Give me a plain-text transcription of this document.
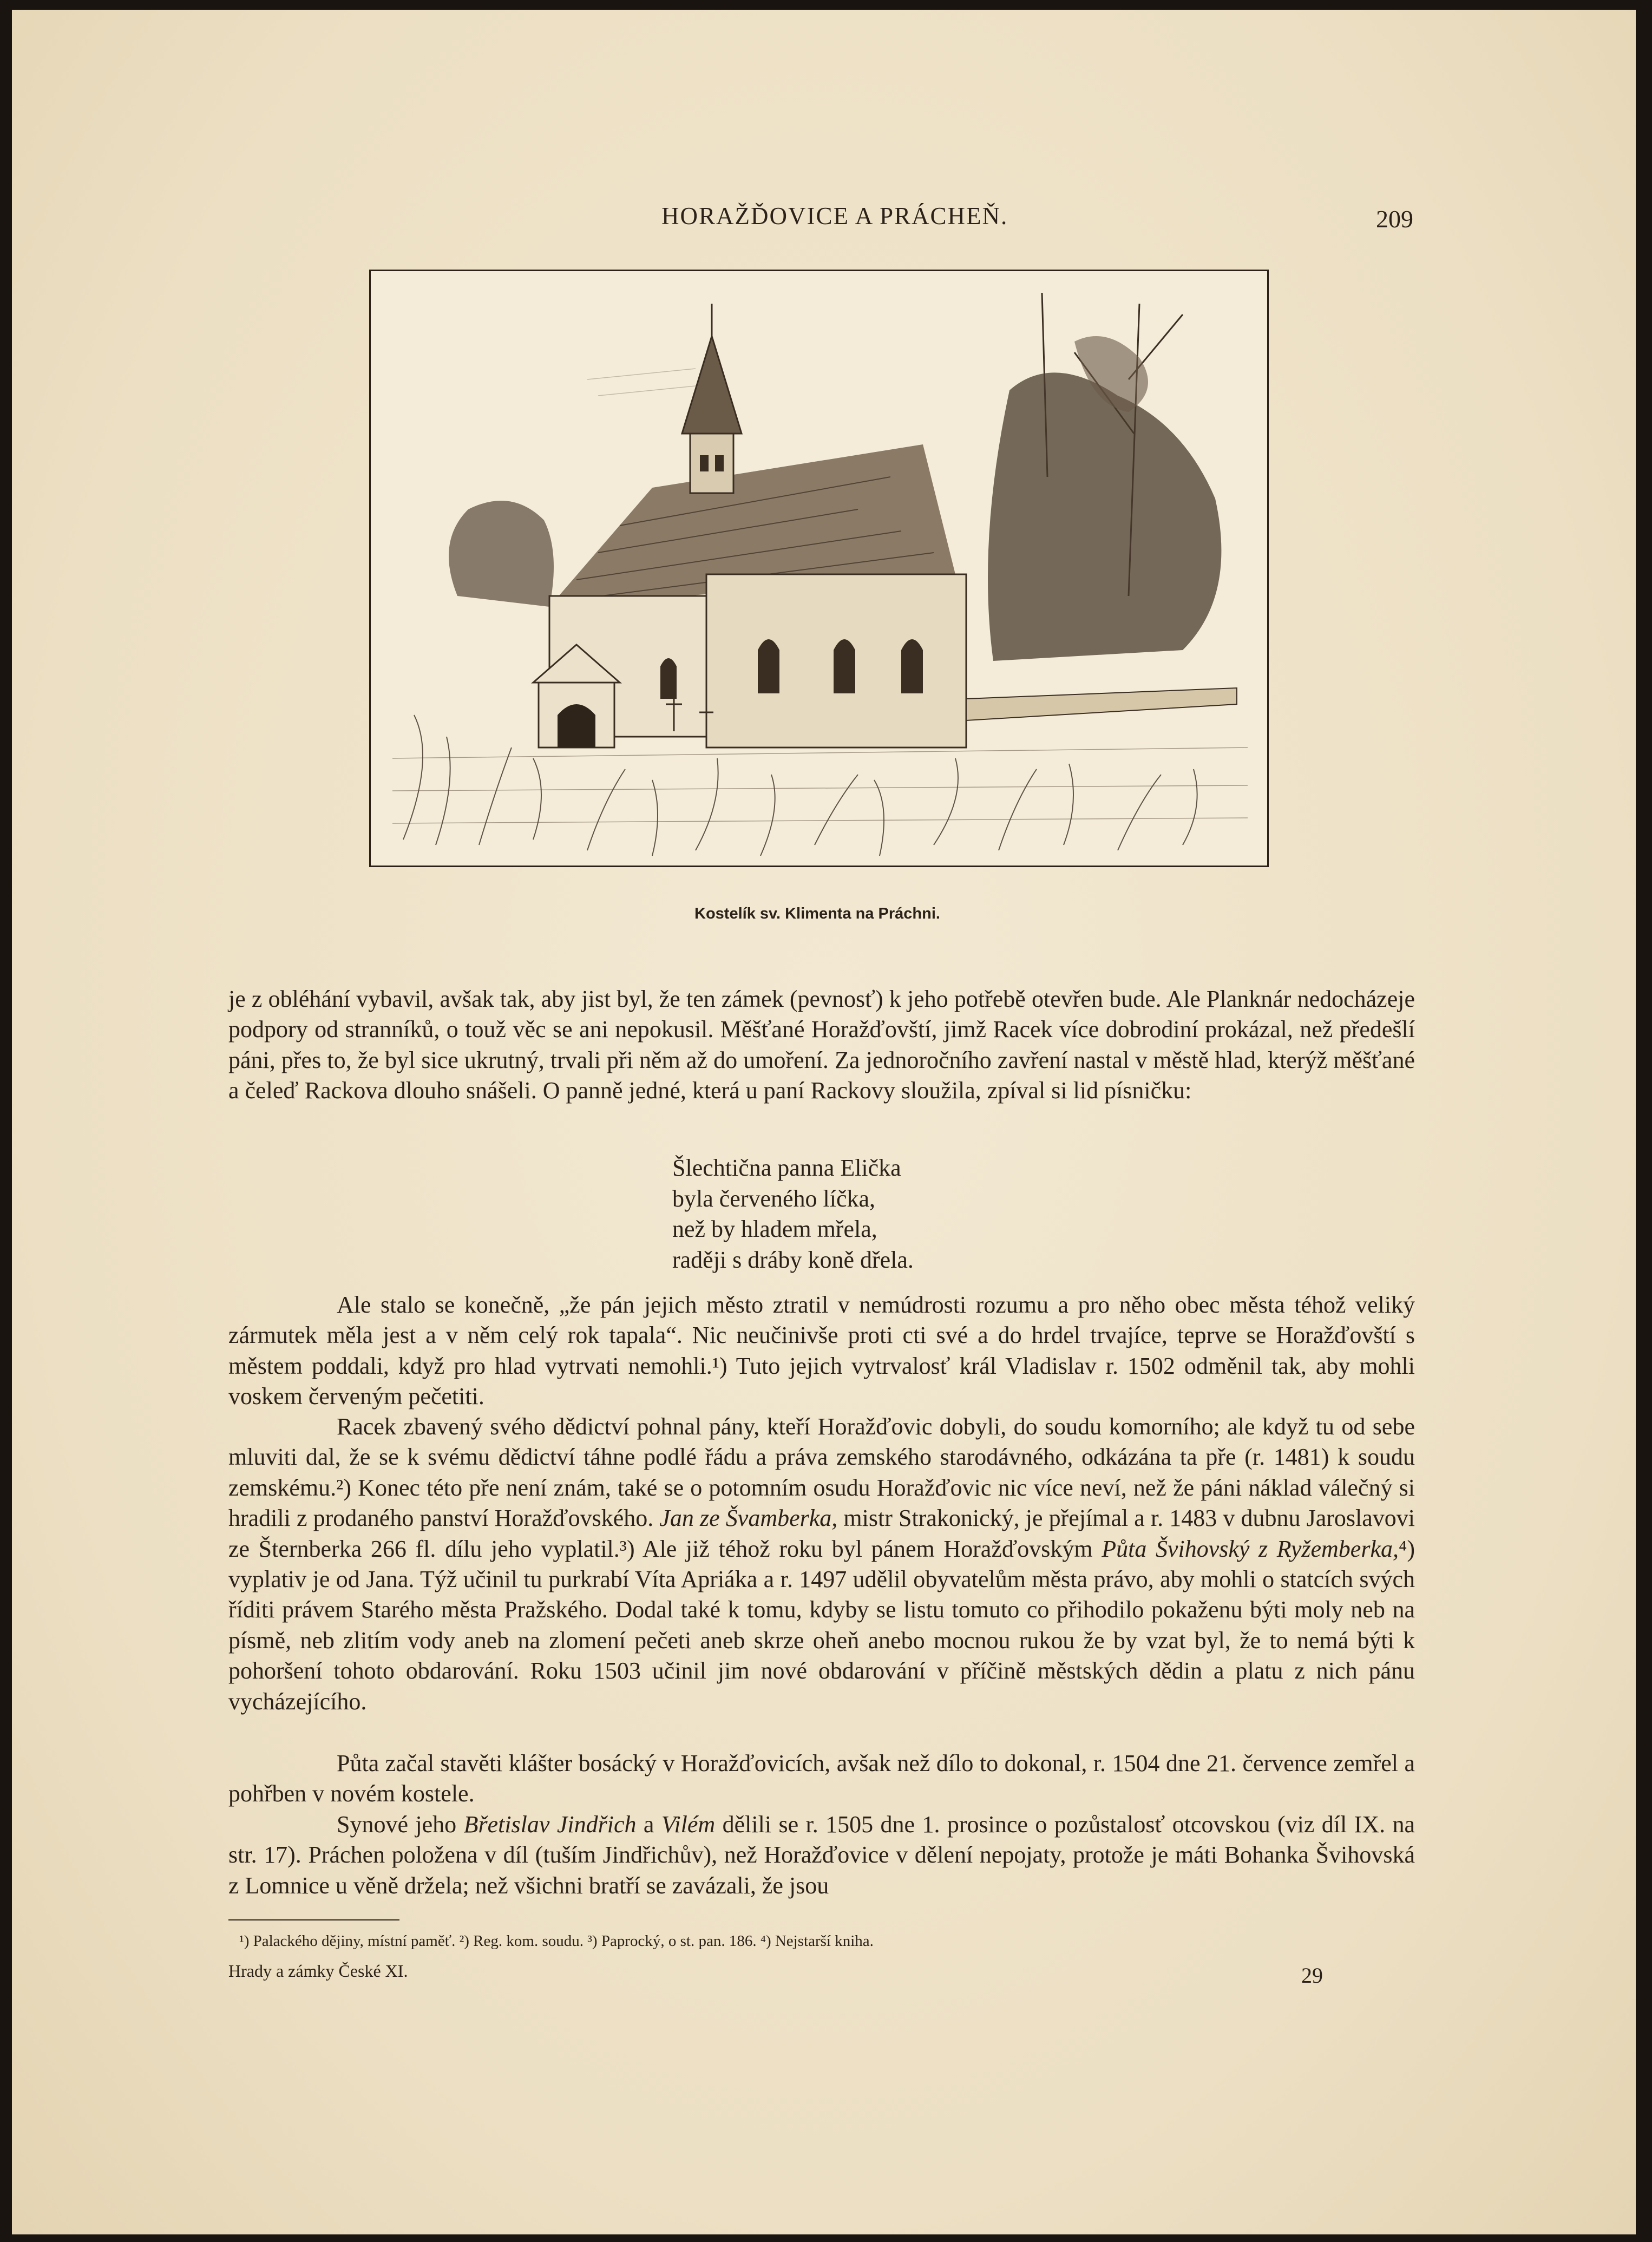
HORAŽĎOVICE A PRÁCHEŇ.	209
Kostelík sv. Klimenta na Práchni.

je z obléhání vybavil, avšak tak, aby jist byl, že ten zámek (pevnosť) k jeho potřebě otevřen bude. Ale Planknár nedocházeje podpory od stranníků, o touž věc se ani nepokusil. Měšťané Horažďovští, jimž Racek více dobrodiní prokázal, než předešlí páni, přes to, že byl sice ukrutný, trvali při něm až do umoření. Za jednoročního zavření nastal v městě hlad, kterýž měšťané a čeleď Rackova dlouho snášeli. O panně jedné, která u paní Rackovy sloužila, zpíval si lid písničku:

Šlechtična panna Elička
byla červeného líčka,
než by hladem mřela,
raději s dráby koně dřela.

Ale stalo se konečně, „že pán jejich město ztratil v nemúdrosti rozumu a pro něho obec města téhož veliký zármutek měla jest a v něm celý rok tapala“. Nic neučinivše proti cti své a do hrdel trvajíce, teprve se Horažďovští s městem poddali, když pro hlad vytrvati nemohli.¹) Tuto jejich vytrvalosť král Vladislav r. 1502 odměnil tak, aby mohli voskem červeným pečetiti.

Racek zbavený svého dědictví pohnal pány, kteří Horažďovic dobyli, do soudu komorního; ale když tu od sebe mluviti dal, že se k svému dědictví táhne podlé řádu a práva zemského starodávného, odkázána ta pře (r. 1481) k soudu zemskému.²) Konec této pře není znám, také se o potomním osudu Horažďovic nic více neví, než že páni náklad válečný si hradili z prodaného panství Horažďovského. Jan ze Švamberka, mistr Strakonický, je přejímal a r. 1483 v dubnu Jaroslavovi ze Šternberka 266 fl. dílu jeho vyplatil.³) Ale již téhož roku byl pánem Horažďovským Půta Švihovský z Ryžemberka,⁴) vyplativ je od Jana. Týž učinil tu purkrabí Víta Apriáka a r. 1497 udělil obyvatelům města právo, aby mohli o statcích svých říditi právem Starého města Pražského. Dodal také k tomu, kdyby se listu tomuto co přihodilo pokaženu býti moly neb na písmě, neb zlitím vody aneb na zlomení pečeti aneb skrze oheň anebo mocnou rukou že by vzat byl, že to nemá býti k pohoršení tohoto obdarování. Roku 1503 učinil jim nové obdarování v příčině městských dědin a platu z nich pánu vycházejícího.

Půta začal stavěti klášter bosácký v Horažďovicích, avšak než dílo to dokonal, r. 1504 dne 21. července zemřel a pohřben v novém kostele.

Synové jeho Břetislav Jindřich a Vilém dělili se r. 1505 dne 1. prosince o pozůstalosť otcovskou (viz díl IX. na str. 17). Práchen položena v díl (tuším Jindřichův), než Horažďovice v dělení nepojaty, protože je máti Bohanka Švihovská z Lomnice u věně držela; než všichni bratří se zavázali, že jsou

¹) Palackého dějiny, místní paměť. ²) Reg. kom. soudu. ³) Paprocký, o st. pan. 186. ⁴) Nejstarší kniha.
Hrady a zámky České XI.	29
